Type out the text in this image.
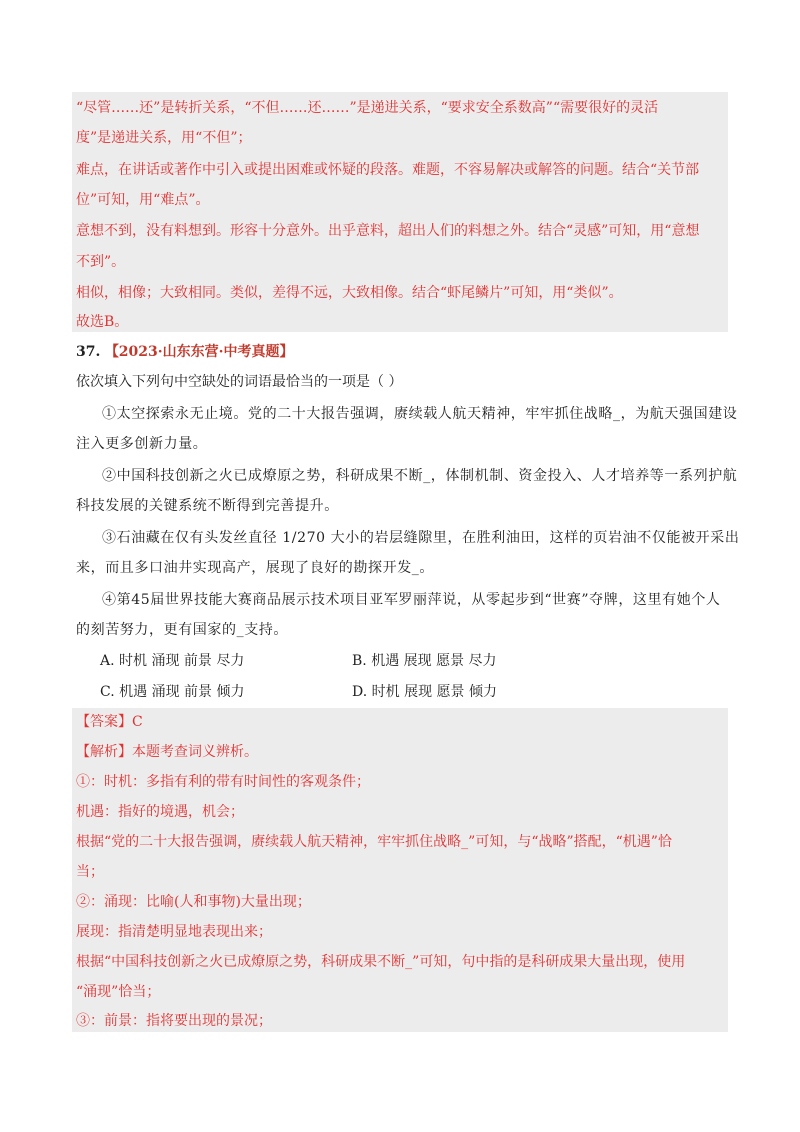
“尽管……还”是转折关系，“不但……还……”是递进关系，“要求安全系数高”“需要很好的灵活
度”是递进关系，用“不但”；
难点，在讲话或著作中引入或提出困难或怀疑的段落。难题，不容易解决或解答的问题。结合“关节部
位”可知，用“难点”。
意想不到，没有料想到。形容十分意外。出乎意料，超出人们的料想之外。结合“灵感”可知，用“意想
不到”。
相似，相像；大致相同。类似，差得不远，大致相像。结合“虾尾鳞片”可知，用“类似”。
故选B。
37. 【2023·山东东营·中考真题】
依次填入下列句中空缺处的词语最恰当的一项是（ ）
①太空探索永无止境。党的二十大报告强调，赓续载人航天精神，牢牢抓住战略_，为航天强国建设
注入更多创新力量。
②中国科技创新之火已成燎原之势，科研成果不断_，体制机制、资金投入、人才培养等一系列护航
科技发展的关键系统不断得到完善提升。
③石油藏在仅有头发丝直径 1/270 大小的岩层缝隙里，在胜利油田，这样的页岩油不仅能被开采出
来，而且多口油井实现高产，展现了良好的勘探开发_。
④第45届世界技能大赛商品展示技术项目亚军罗丽萍说，从零起步到“世赛”夺牌，这里有她个人
的刻苦努力，更有国家的_支持。
A. 时机 涌现 前景 尽力	B. 机遇 展现 愿景 尽力
C. 机遇 涌现 前景 倾力	D. 时机 展现 愿景 倾力
【答案】C
【解析】本题考查词义辨析。
①：时机：多指有利的带有时间性的客观条件；
机遇：指好的境遇，机会；
根据“党的二十大报告强调，赓续载人航天精神，牢牢抓住战略_”可知，与“战略”搭配，“机遇”恰
当；
②：涌现：比喻(人和事物)大量出现；
展现：指清楚明显地表现出来；
根据“中国科技创新之火已成燎原之势，科研成果不断_”可知，句中指的是科研成果大量出现，使用
“涌现”恰当；
③：前景：指将要出现的景况；
